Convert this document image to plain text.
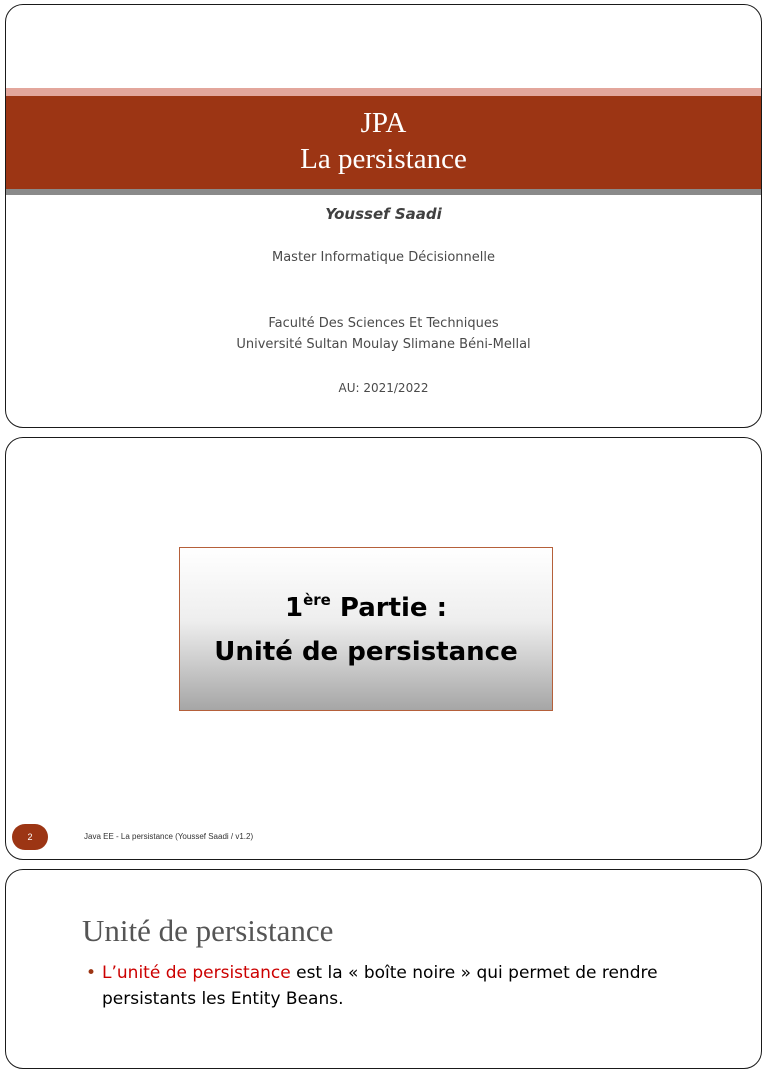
JPA
La persistance
Youssef Saadi
Master Informatique Décisionnelle
Faculté Des Sciences Et Techniques
Université Sultan Moulay Slimane Béni-Mellal
AU: 2021/2022
1ère Partie :
Unité de persistance
2	Java EE - La persistance (Youssef Saadi / v1.2)
Unité de persistance
• L’unité de persistance est la « boîte noire » qui permet de rendre
persistants les Entity Beans.
